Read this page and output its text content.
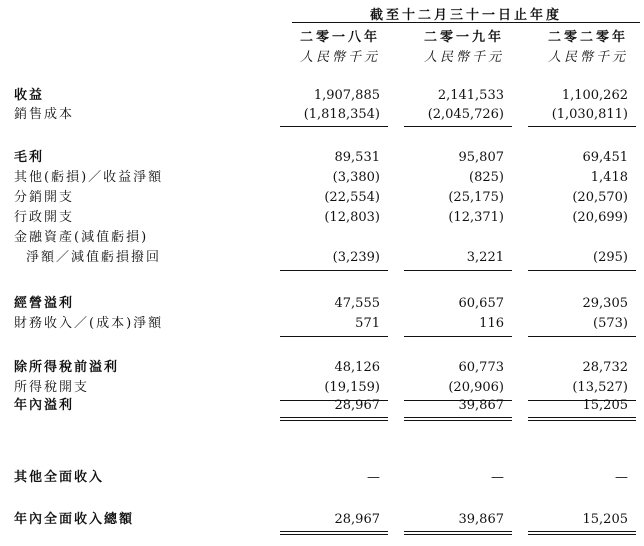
截至十二月三十一日止年度
二零一八年	二零一九年	二零二零年
人民幣千元	人民幣千元	人民幣千元
收益	1,907,885	2,141,533	1,100,262
銷售成本	(1,818,354)	(2,045,726)	(1,030,811)
毛利	89,531	95,807	69,451
其他(虧損)／收益淨額	(3,380)	(825)	1,418
分銷開支	(22,554)	(25,175)	(20,570)
行政開支	(12,803)	(12,371)	(20,699)
金融資產(減值虧損)
淨額／減值虧損撥回	(3,239)	3,221	(295)
經營溢利	47,555	60,657	29,305
財務收入／(成本)淨額	571	116	(573)
除所得稅前溢利	48,126	60,773	28,732
所得稅開支	(19,159)	(20,906)	(13,527)
年內溢利	28,967	39,867	15,205
其他全面收入	—	—	—
年內全面收入總額	28,967	39,867	15,205
